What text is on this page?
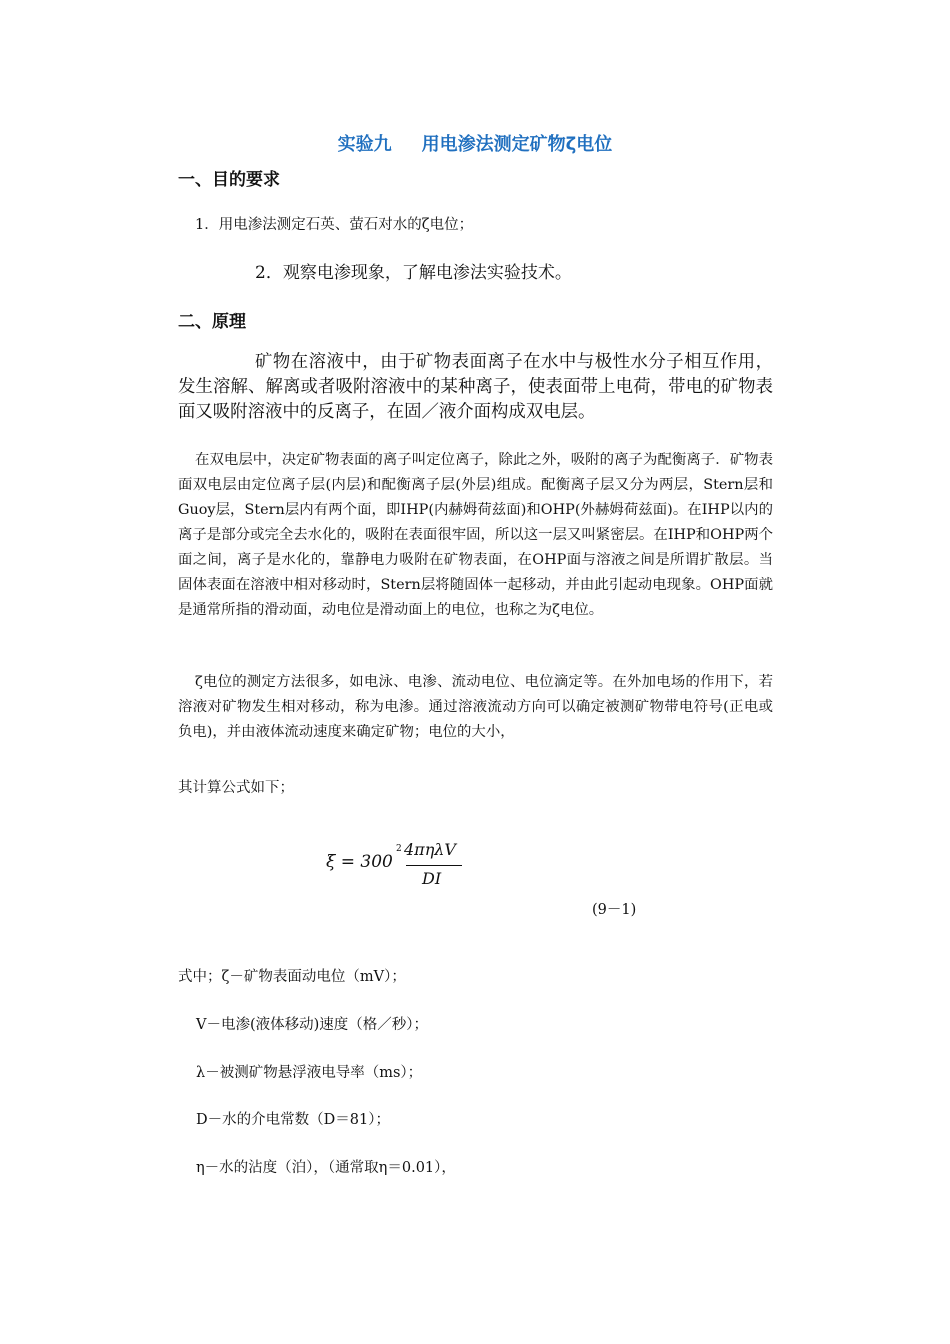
实验九 用电渗法测定矿物ζ电位
一、目的要求
1．用电渗法测定石英、萤石对水的ζ电位；
2．观察电渗现象，了解电渗法实验技术。
二、原理
矿物在溶液中，由于矿物表面离子在水中与极性水分子相互作用，发生溶解、解离或者吸附溶液中的某种离子，使表面带上电荷，带电的矿物表面又吸附溶液中的反离子，在固／液介面构成双电层。
在双电层中，决定矿物表面的离子叫定位离子，除此之外，吸附的离子为配衡离子．矿物表面双电层由定位离子层(内层)和配衡离子层(外层)组成。配衡离子层又分为两层，Stern层和Guoy层，Stern层内有两个面，即IHP(内赫姆荷兹面)和OHP(外赫姆荷兹面)。在IHP以内的离子是部分或完全去水化的，吸附在表面很牢固，所以这一层又叫紧密层。在IHP和OHP两个面之间，离子是水化的，靠静电力吸附在矿物表面，在OHP面与溶液之间是所谓扩散层。当固体表面在溶液中相对移动时，Stern层将随固体一起移动，并由此引起动电现象。OHP面就是通常所指的滑动面，动电位是滑动面上的电位，也称之为ζ电位。
ζ电位的测定方法很多，如电泳、电渗、流动电位、电位滴定等。在外加电场的作用下，若溶液对矿物发生相对移动，称为电渗。通过溶液流动方向可以确定被测矿物带电符号(正电或负电)，并由液体流动速度来确定矿物；电位的大小，
其计算公式如下；
ξ = 300
2 4πηλV
DI
(9－1)
式中；ζ－矿物表面动电位（mV）；
V－电渗(液体移动)速度（格／秒）；
λ－被测矿物悬浮液电导率（ms）；
D－水的介电常数（D＝81）；
η－水的沾度（泊），（通常取η＝0.01），
